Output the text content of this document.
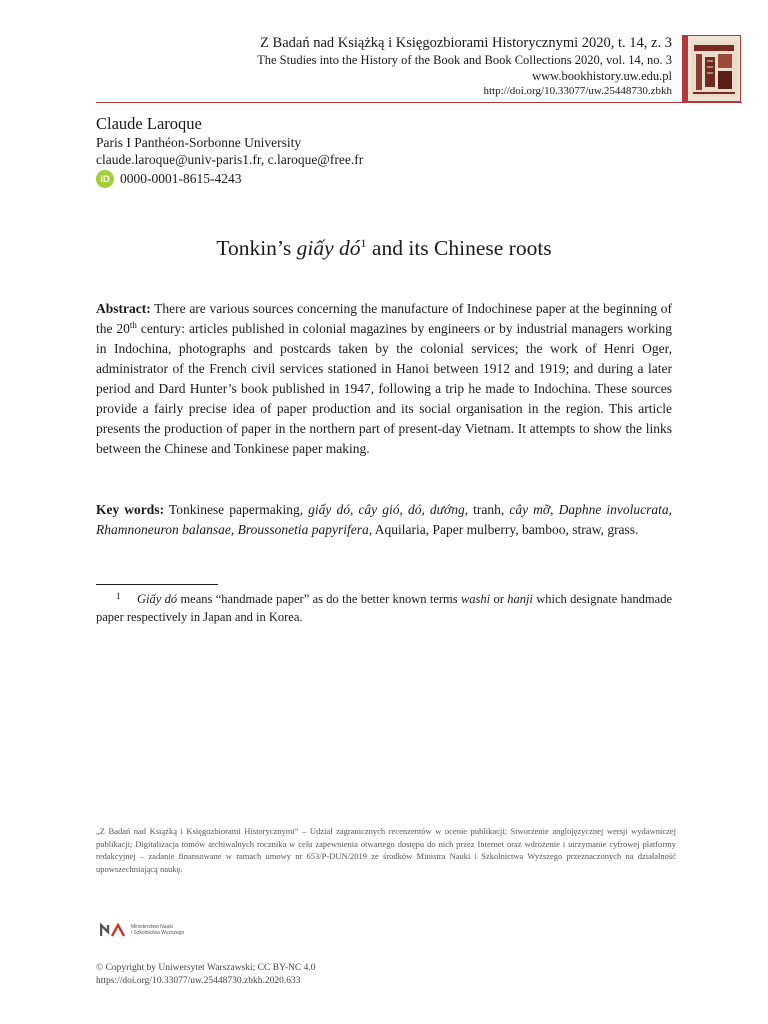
Z Badań nad Książką i Księgozbiorami Historycznymi 2020, t. 14, z. 3
The Studies into the History of the Book and Book Collections 2020, vol. 14, no. 3
www.bookhistory.uw.edu.pl
http://doi.org/10.33077/uw.25448730.zbkh
Claude Laroque
Paris I Panthéon-Sorbonne University
claude.laroque@univ-paris1.fr, c.laroque@free.fr
iD 0000-0001-8615-4243
Tonkin’s giấy $dó^1$ and its Chinese roots
Abstract: There are various sources concerning the manufacture of Indochinese paper at the beginning of the 20th century: articles published in colonial magazines by engineers or by industrial managers working in Indochina, photographs and postcards taken by the colonial services; the work of Henri Oger, administrator of the French civil services stationed in Hanoi between 1912 and 1919; and during a later period and Dard Hunter’s book published in 1947, following a trip he made to Indochina. These sources provide a fairly precise idea of paper production and its social organisation in the region. This article presents the production of paper in the northern part of present-day Vietnam. It attempts to show the links between the Chinese and Tonkinese paper making.
Key words: Tonkinese papermaking, giấy dó, cây gió, dó, dướng, tranh, cây mỡ, Daphne involucrata, Rhamnoneuron balansae, Broussonetia papyrifera, Aquilaria, Paper mulberry, bamboo, straw, grass.
1 Giấy dó means “handmade paper” as do the better known terms washi or hanji which designate handmade paper respectively in Japan and in Korea.
„Z Badań nad Książką i Księgozbiorami Historycznymi” – Udział zagranicznych recenzentów w ocenie publikacji; Stworzenie anglojęzycznej wersji wydawniczej publikacji; Digitalizacja tomów archiwalnych rocznika w celu zapewnienia otwartego dostępu do nich przez Internet oraz wdrożenie i utrzymanie cyfrowej platformy redakcyjnej – zadanie finansowane w ramach umowy nr 653/P-DUN/2019 ze środków Ministra Nauki i Szkolnictwa Wyższego przeznaczonych na działalność upowszechniającą naukę.
Ministerstwo Nauki
i Szkolnictwa Wyższego
© Copyright by Uniwersytet Warszawski; CC BY-NC 4.0
https://doi.org/10.33077/uw.25448730.zbkh.2020.633
